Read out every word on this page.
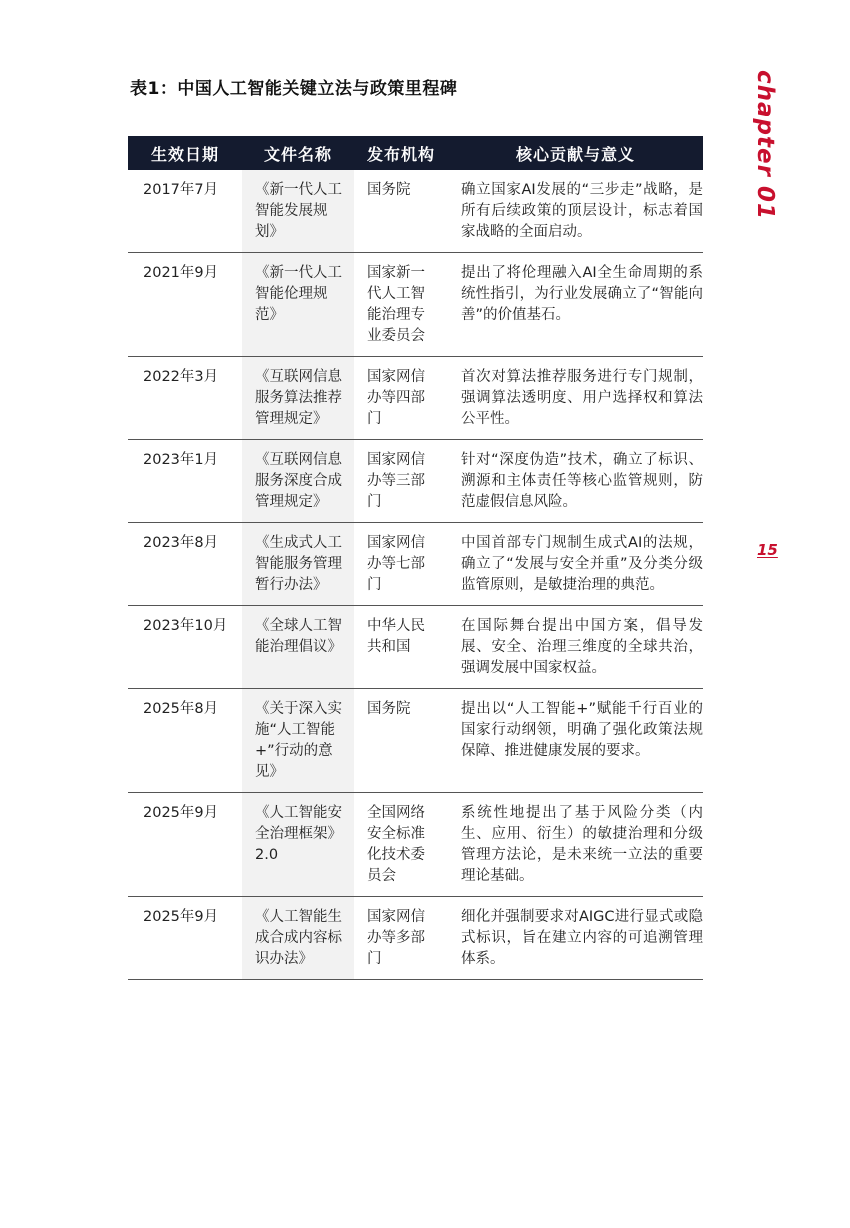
表1：中国人工智能关键立法与政策里程碑	chapter 01
15
生效日期	文件名称	发布机构	核心贡献与意义
2017年7月	《新一代人工智能发展规划》	国务院	确立国家AI发展的“三步走”战略，是所有后续政策的顶层设计，标志着国家战略的全面启动。
2021年9月	《新一代人工智能伦理规范》	国家新一代人工智能治理专业委员会	提出了将伦理融入AI全生命周期的系统性指引，为行业发展确立了“智能向善”的价值基石。
2022年3月	《互联网信息服务算法推荐管理规定》	国家网信办等四部门	首次对算法推荐服务进行专门规制，强调算法透明度、用户选择权和算法公平性。
2023年1月	《互联网信息服务深度合成管理规定》	国家网信办等三部门	针对“深度伪造”技术，确立了标识、溯源和主体责任等核心监管规则，防范虚假信息风险。
2023年8月	《生成式人工智能服务管理暂行办法》	国家网信办等七部门	中国首部专门规制生成式AI的法规，确立了“发展与安全并重”及分类分级监管原则，是敏捷治理的典范。
2023年10月	《全球人工智能治理倡议》	中华人民共和国	在国际舞台提出中国方案，倡导发展、安全、治理三维度的全球共治，强调发展中国家权益。
2025年8月	《关于深入实施“人工智能+”行动的意见》	国务院	提出以“人工智能+”赋能千行百业的国家行动纲领，明确了强化政策法规保障、推进健康发展的要求。
2025年9月	《人工智能安全治理框架》2.0	全国网络安全标准化技术委员会	系统性地提出了基于风险分类（内生、应用、衍生）的敏捷治理和分级管理方法论，是未来统一立法的重要理论基础。
2025年9月	《人工智能生成合成内容标识办法》	国家网信办等多部门	细化并强制要求对AIGC进行显式或隐式标识，旨在建立内容的可追溯管理体系。
